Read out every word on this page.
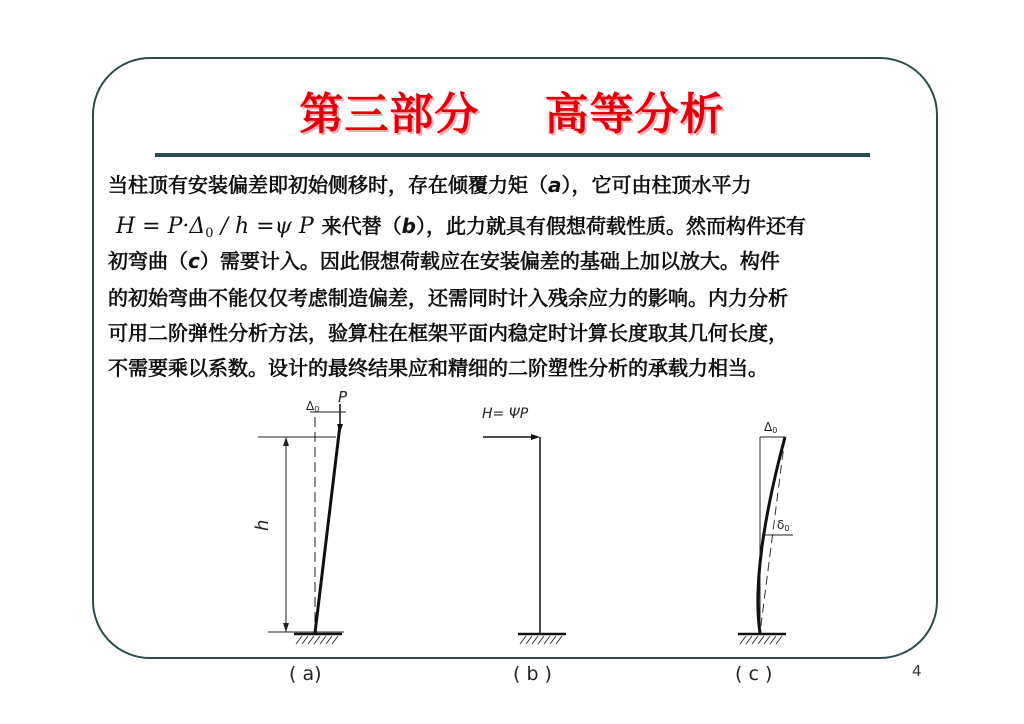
第三部分    高等分析
当柱顶有安装偏差即初始侧移时，存在倾覆力矩（a），它可由柱顶水平力
$H = P\cdot\Delta_0 / h =\psi$ P 来代替（b），此力就具有假想荷载性质。然而构件还有
初弯曲（c）需要计入。因此假想荷载应在安装偏差的基础上加以放大。构件
的初始弯曲不能仅仅考虑制造偏差，还需同时计入残余应力的影响。内力分析
可用二阶弹性分析方法，验算柱在框架平面内稳定时计算长度取其几何长度，
不需要乘以系数。设计的最终结果应和精细的二阶塑性分析的承载力相当。
h
Δ0
P
H= ΨP
Δ0
δ0
( a)	( b )	( c )	4
